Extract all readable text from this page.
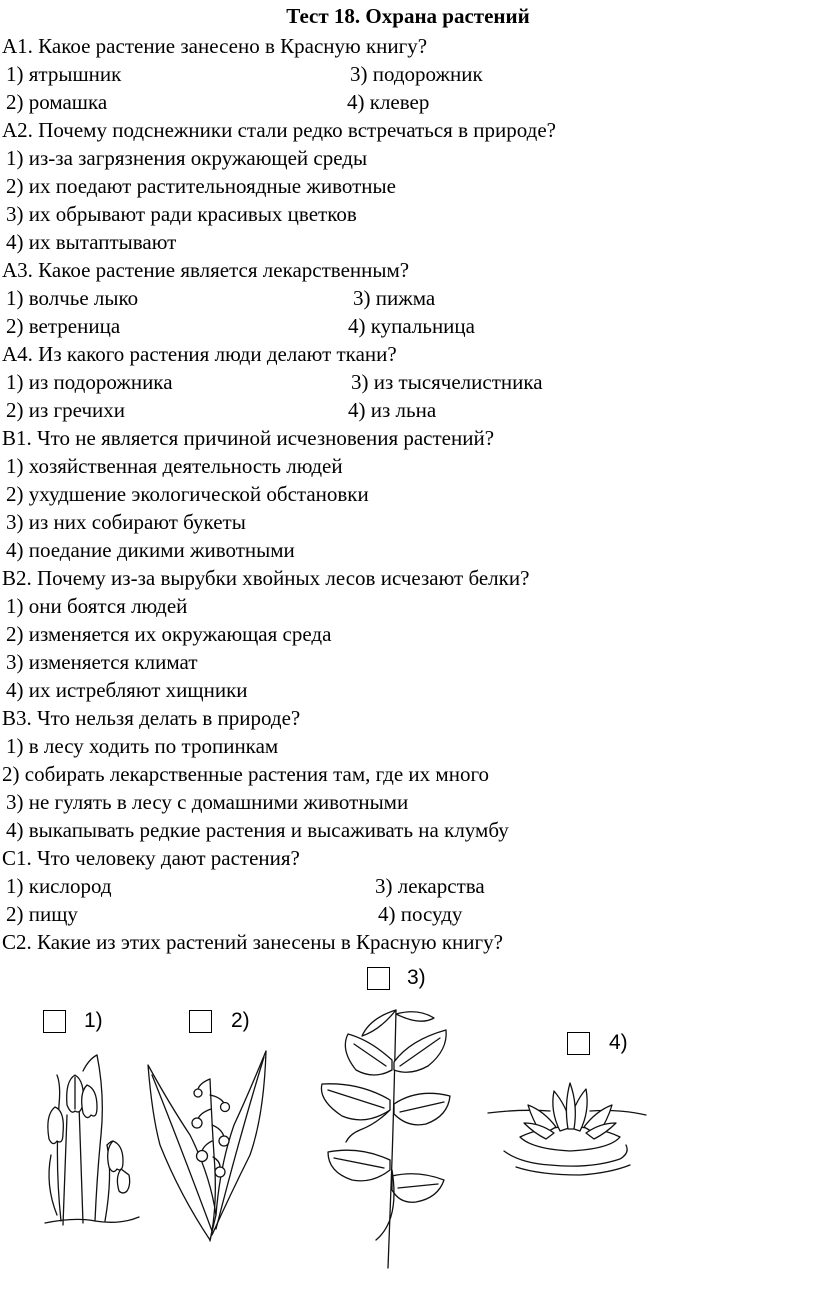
Тест 18. Охрана растений
А1. Какое растение занесено в Красную книгу?
1) ятрышник	3) подорожник
2) ромашка	4) клевер
А2. Почему подснежники стали редко встречаться в природе?
1) из-за загрязнения окружающей среды
2) их поедают растительноядные животные
3) их обрывают ради красивых цветков
4) их вытаптывают
А3. Какое растение является лекарственным?
1) волчье лыко	3) пижма
2) ветреница	4) купальница
А4. Из какого растения люди делают ткани?
1) из подорожника	3) из тысячелистника
2) из гречихи	4) из льна
В1. Что не является причиной исчезновения растений?
1) хозяйственная деятельность людей
2) ухудшение экологической обстановки
3) из них собирают букеты
4) поедание дикими животными
В2. Почему из-за вырубки хвойных лесов исчезают белки?
1) они боятся людей
2) изменяется их окружающая среда
3) изменяется климат
4) их истребляют хищники
В3. Что нельзя делать в природе?
1) в лесу ходить по тропинкам
2) собирать лекарственные растения там, где их много
3) не гулять в лесу с домашними животными
4) выкапывать редкие растения и высаживать на клумбу
С1. Что человеку дают растения?
1) кислород	3) лекарства
2) пищу	4) посуду
С2. Какие из этих растений занесены в Красную книгу?
3)
1)	2)
4)
